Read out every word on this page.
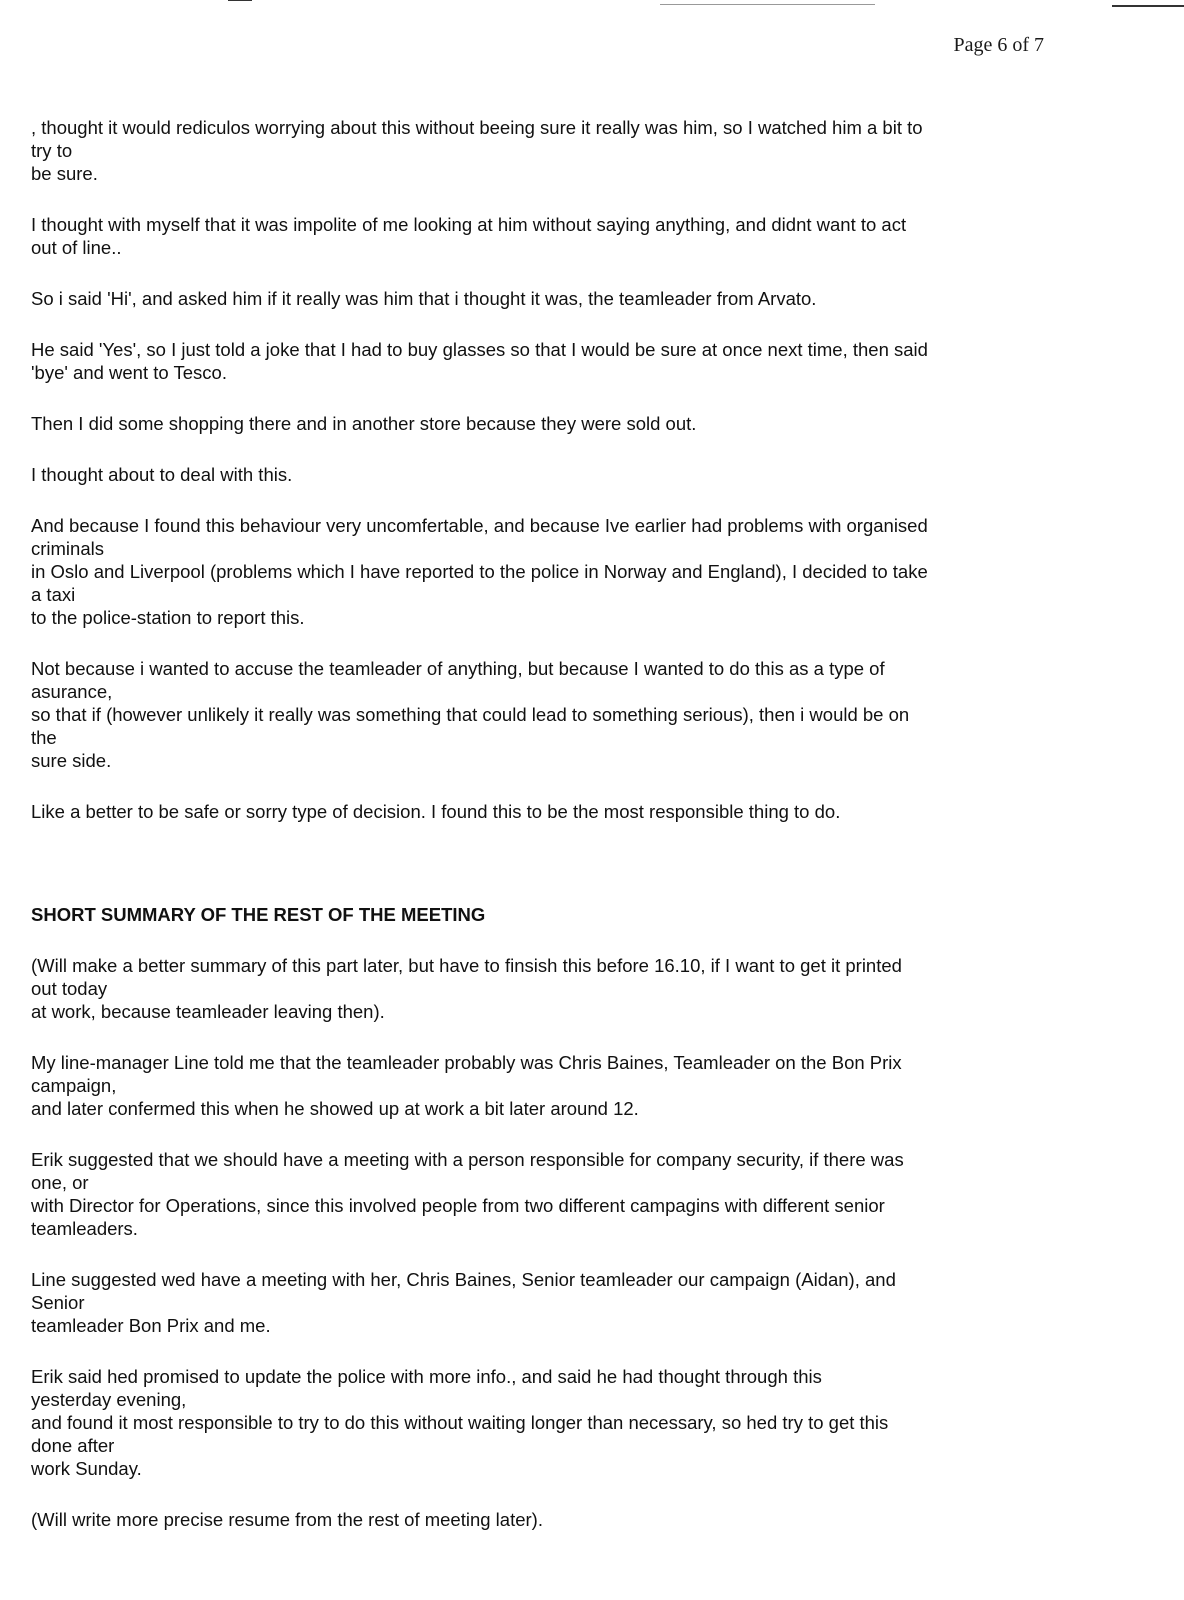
Page 6 of 7
, thought it would rediculos worrying about this without beeing sure it really was him, so I watched him a bit to
try to
be sure.
I thought with myself that it was impolite of me looking at him without saying anything, and didnt want to act
out of line..
So i said 'Hi', and asked him if it really was him that i thought it was, the teamleader from Arvato.
He said 'Yes', so I just told a joke that I had to buy glasses so that I would be sure at once next time, then said
'bye' and went to Tesco.
Then I did some shopping there and in another store because they were sold out.
I thought about to deal with this.
And because I found this behaviour very uncomfertable, and because Ive earlier had problems with organised
criminals
in Oslo and Liverpool (problems which I have reported to the police in Norway and England), I decided to take
a taxi
to the police-station to report this.
Not because i wanted to accuse the teamleader of anything, but because I wanted to do this as a type of
asurance,
so that if (however unlikely it really was something that could lead to something serious), then i would be on
the
sure side.
Like a better to be safe or sorry type of decision. I found this to be the most responsible thing to do.
SHORT SUMMARY OF THE REST OF THE MEETING
(Will make a better summary of this part later, but have to finsish this before 16.10, if I want to get it printed
out today
at work, because teamleader leaving then).
My line-manager Line told me that the teamleader probably was Chris Baines, Teamleader on the Bon Prix
campaign,
and later confermed this when he showed up at work a bit later around 12.
Erik suggested that we should have a meeting with a person responsible for company security, if there was
one, or
with Director for Operations, since this involved people from two different campagins with different senior
teamleaders.
Line suggested wed have a meeting with her, Chris Baines, Senior teamleader our campaign (Aidan), and
Senior
teamleader Bon Prix and me.
Erik said hed promised to update the police with more info., and said he had thought through this
yesterday evening,
and found it most responsible to try to do this without waiting longer than necessary, so hed try to get this
done after
work Sunday.
(Will write more precise resume from the rest of meeting later).
